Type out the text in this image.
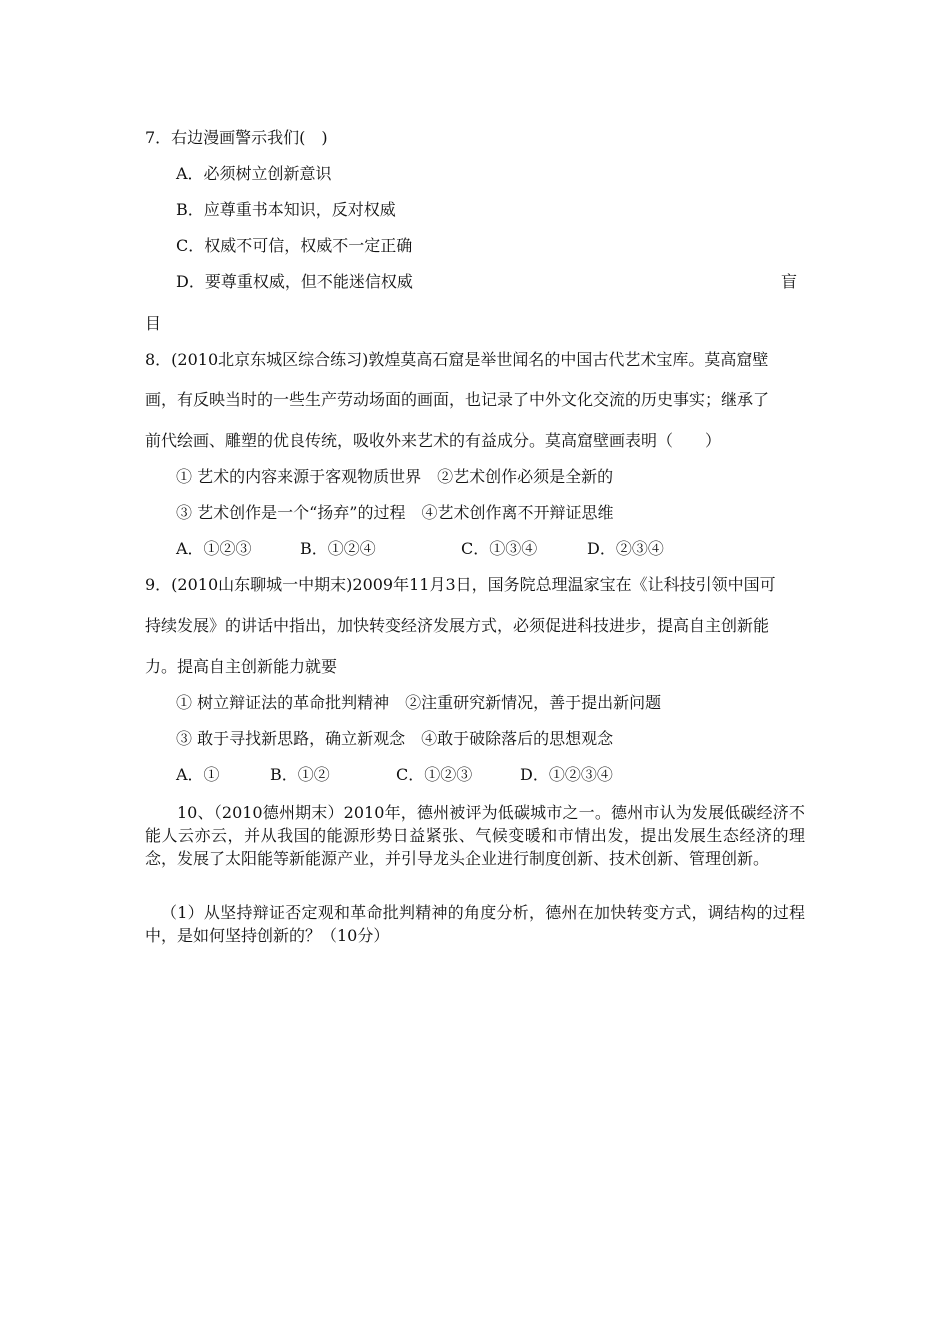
7．右边漫画警示我们(　)
A．必须树立创新意识
B．应尊重书本知识，反对权威
C．权威不可信，权威不一定正确
D．要尊重权威，但不能迷信权威	盲
目
8．(2010北京东城区综合练习)敦煌莫高石窟是举世闻名的中国古代艺术宝库。莫高窟壁
画，有反映当时的一些生产劳动场面的画面，也记录了中外文化交流的历史事实；继承了
前代绘画、雕塑的优良传统，吸收外来艺术的有益成分。莫高窟壁画表明（　　）
① 艺术的内容来源于客观物质世界　②艺术创作必须是全新的
③ 艺术创作是一个“扬弃”的过程　④艺术创作离不开辩证思维
A．①②③	B．①②④	C．①③④	D．②③④
9．(2010山东聊城一中期末)2009年11月3日，国务院总理温家宝在《让科技引领中国可
持续发展》的讲话中指出，加快转变经济发展方式，必须促进科技进步，提高自主创新能
力。提高自主创新能力就要
① 树立辩证法的革命批判精神　②注重研究新情况，善于提出新问题
③ 敢于寻找新思路，确立新观念　④敢于破除落后的思想观念
A．①	B．①②	C．①②③	D．①②③④
10、（2010德州期末）2010年，德州被评为低碳城市之一。德州市认为发展低碳经济不能人云亦云，并从我国的能源形势日益紧张、气候变暖和市情出发，提出发展生态经济的理念，发展了太阳能等新能源产业，并引导龙头企业进行制度创新、技术创新、管理创新。
（1）从坚持辩证否定观和革命批判精神的角度分析，德州在加快转变方式，调结构的过程中，是如何坚持创新的？（10分）
